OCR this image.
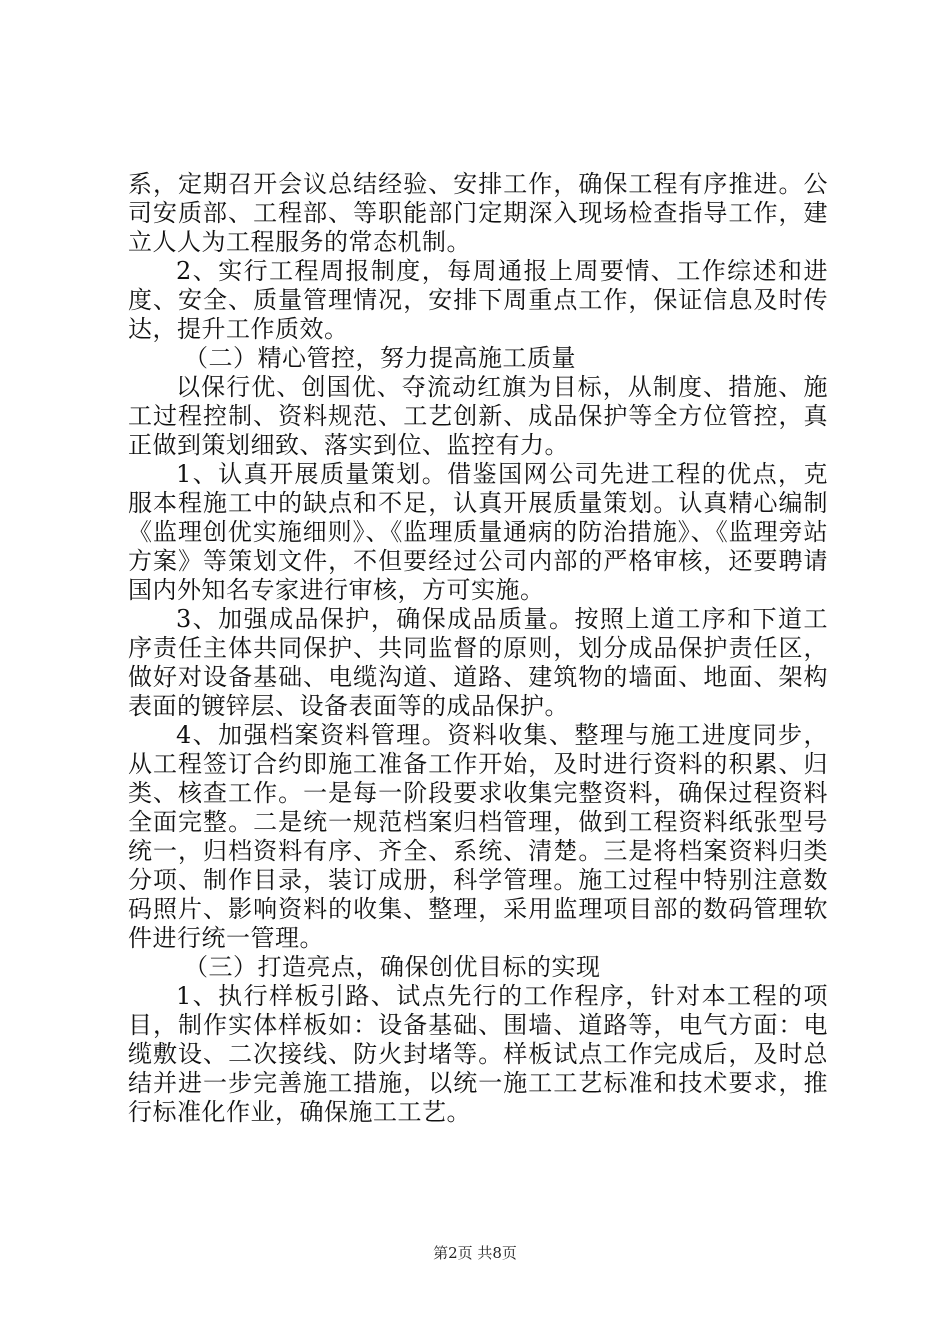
系，定期召开会议总结经验、安排工作，确保工程有序推进。公司安质部、工程部、等职能部门定期深入现场检查指导工作，建立人人为工程服务的常态机制。

2、实行工程周报制度，每周通报上周要情、工作综述和进度、安全、质量管理情况，安排下周重点工作，保证信息及时传达，提升工作质效。

（二）精心管控，努力提高施工质量

以保行优、创国优、夺流动红旗为目标，从制度、措施、施工过程控制、资料规范、工艺创新、成品保护等全方位管控，真正做到策划细致、落实到位、监控有力。

1、认真开展质量策划。借鉴国网公司先进工程的优点，克服本程施工中的缺点和不足，认真开展质量策划。认真精心编制《监理创优实施细则》、《监理质量通病的防治措施》、《监理旁站方案》等策划文件，不但要经过公司内部的严格审核，还要聘请国内外知名专家进行审核，方可实施。

3、加强成品保护，确保成品质量。按照上道工序和下道工序责任主体共同保护、共同监督的原则，划分成品保护责任区，做好对设备基础、电缆沟道、道路、建筑物的墙面、地面、架构表面的镀锌层、设备表面等的成品保护。

4、加强档案资料管理。资料收集、整理与施工进度同步，从工程签订合约即施工准备工作开始，及时进行资料的积累、归类、核查工作。一是每一阶段要求收集完整资料，确保过程资料全面完整。二是统一规范档案归档管理，做到工程资料纸张型号统一，归档资料有序、齐全、系统、清楚。三是将档案资料归类分项、制作目录，装订成册，科学管理。施工过程中特别注意数码照片、影响资料的收集、整理，采用监理项目部的数码管理软件进行统一管理。

（三）打造亮点，确保创优目标的实现

1、执行样板引路、试点先行的工作程序，针对本工程的项目，制作实体样板如：设备基础、围墙、道路等，电气方面：电缆敷设、二次接线、防火封堵等。样板试点工作完成后，及时总结并进一步完善施工措施，以统一施工工艺标准和技术要求，推行标准化作业，确保施工工艺。

第2页 共8页
